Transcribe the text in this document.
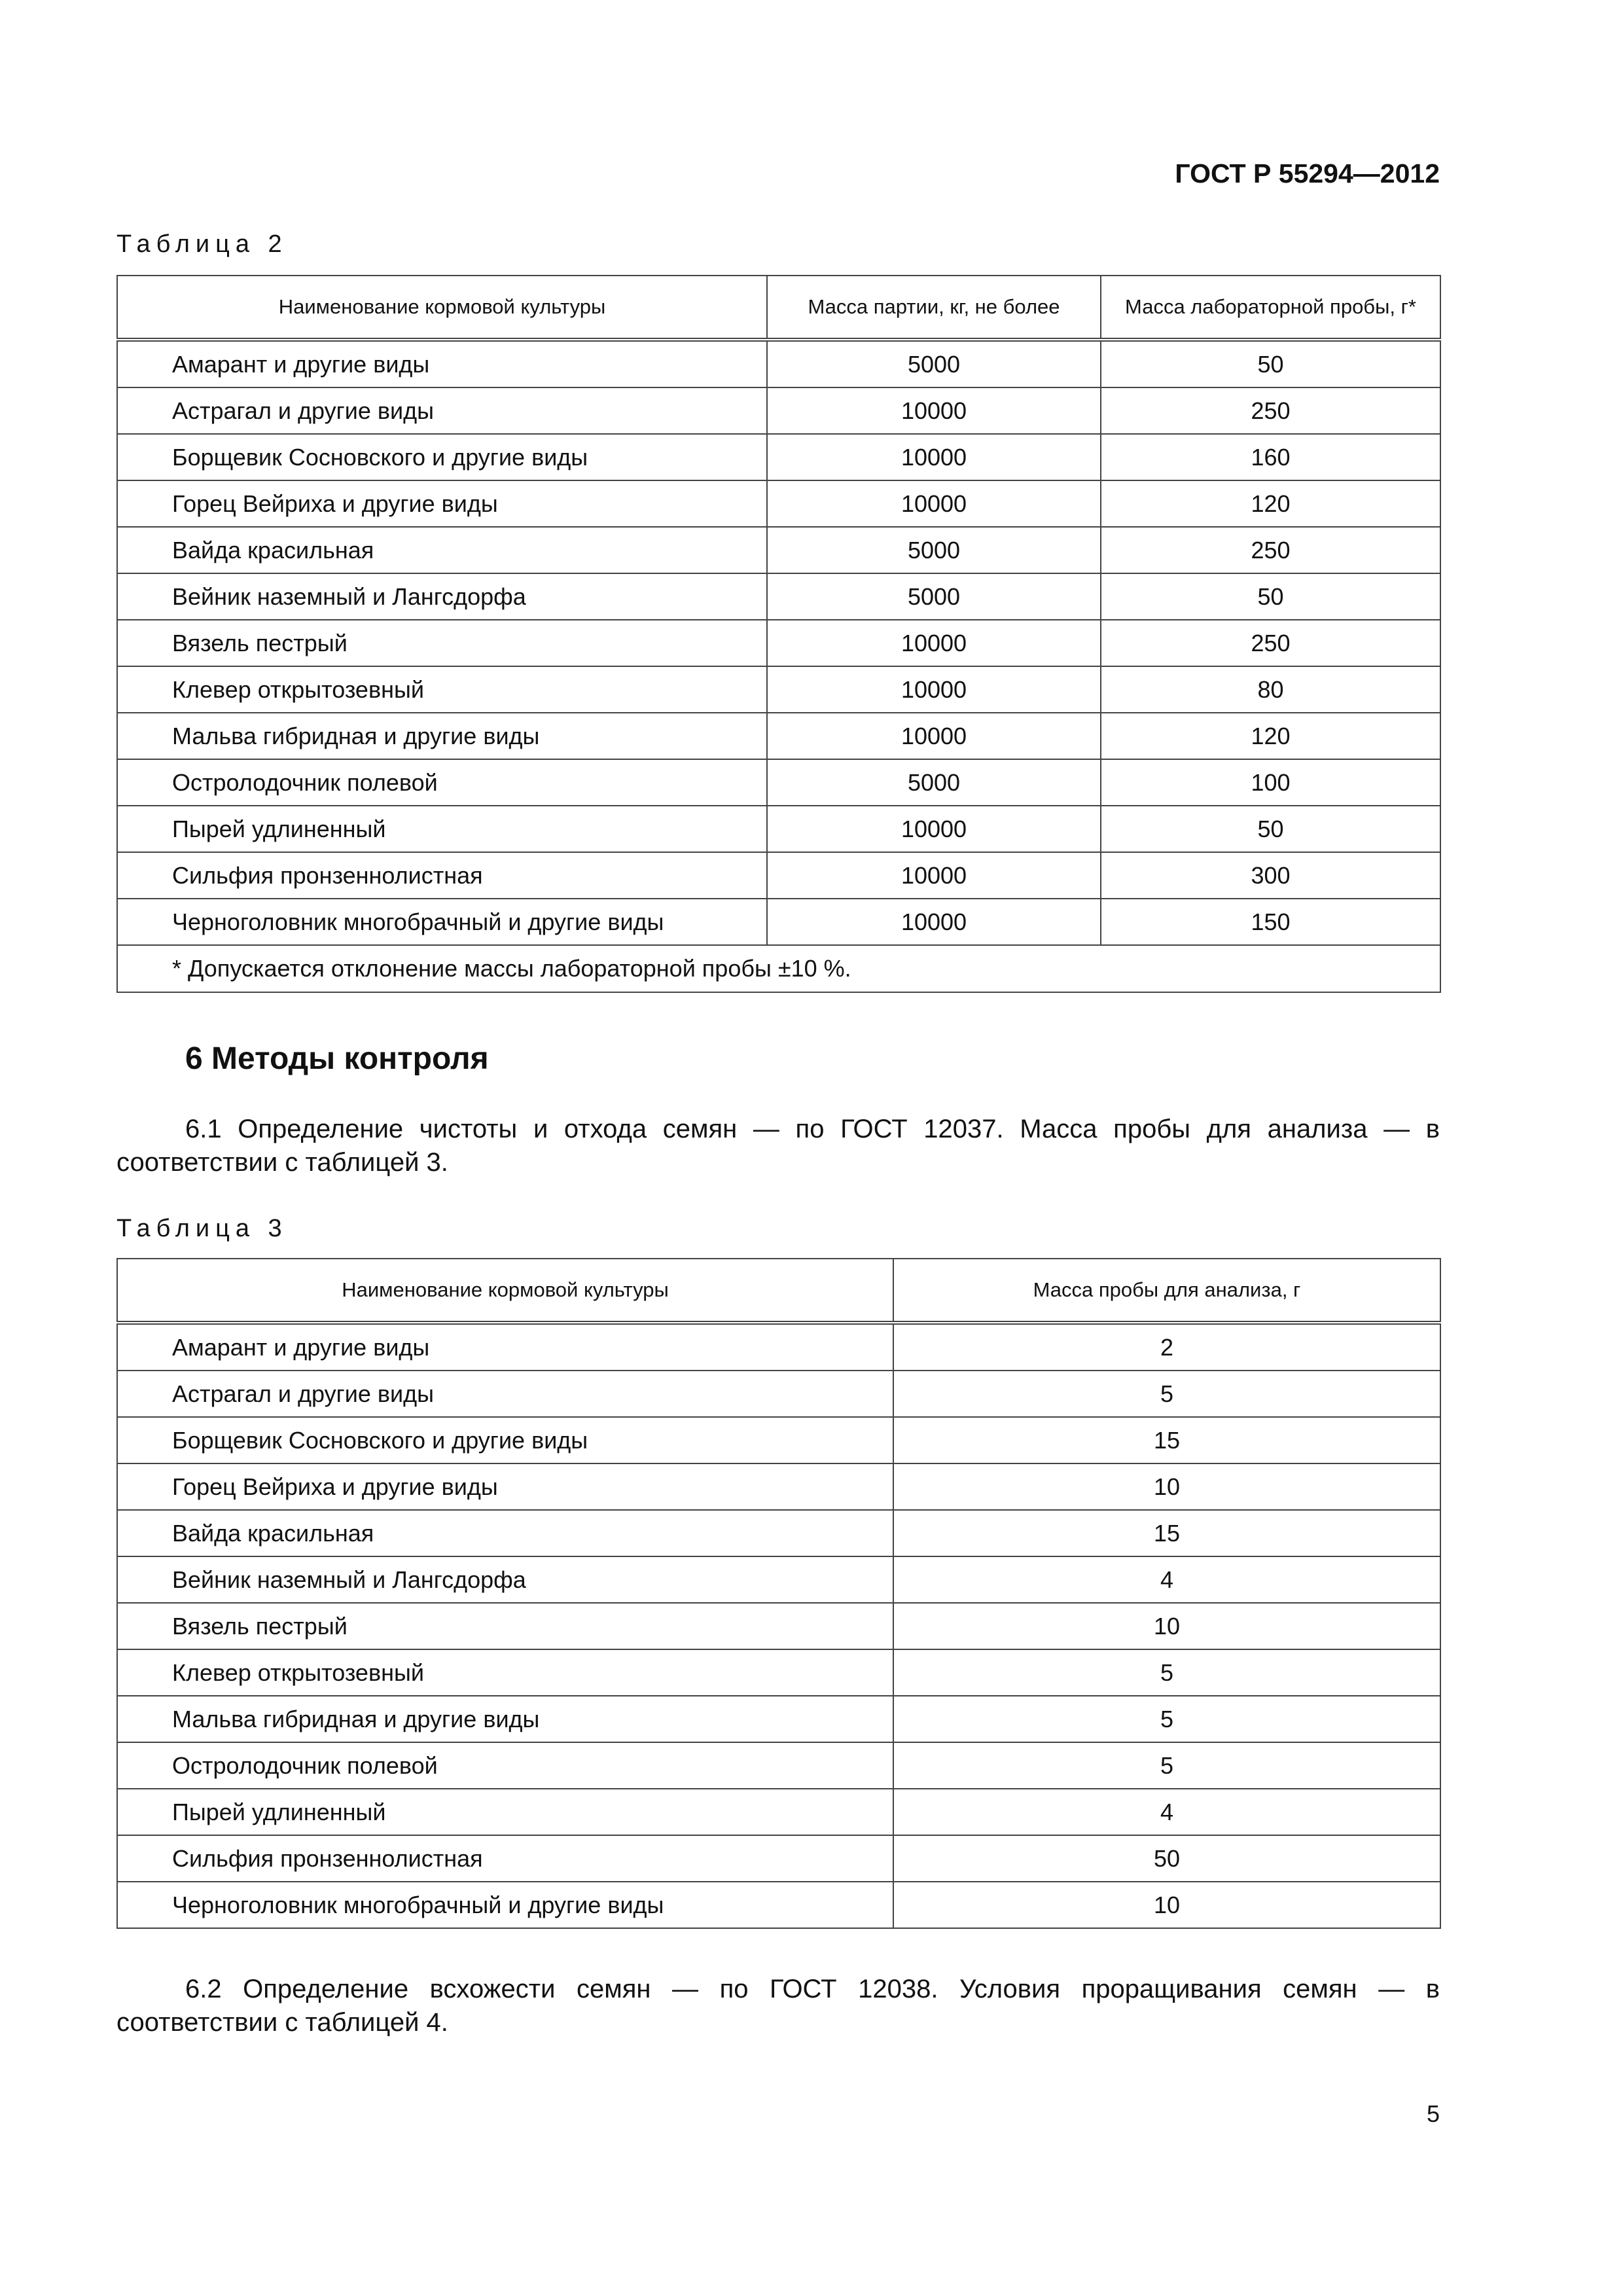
ГОСТ Р 55294—2012
Таблица 2
Наименование кормовой культуры	Масса партии, кг, не более	Масса лабораторной пробы, г*
Амарант и другие виды	5000	50
Астрагал и другие виды	10000	250
Борщевик Сосновского и другие виды	10000	160
Горец Вейриха и другие виды	10000	120
Вайда красильная	5000	250
Вейник наземный и Лангсдорфа	5000	50
Вязель пестрый	10000	250
Клевер открытозевный	10000	80
Мальва гибридная и другие виды	10000	120
Остролодочник полевой	5000	100
Пырей удлиненный	10000	50
Сильфия пронзеннолистная	10000	300
Черноголовник многобрачный и другие виды	10000	150
* Допускается отклонение массы лабораторной пробы ±10 %.		
6 Методы контроля

6.1 Определение чистоты и отхода семян — по ГОСТ 12037. Масса пробы для анализа — в соответствии с таблицей 3.

Таблица 3
Наименование кормовой культуры	Масса пробы для анализа, г
Амарант и другие виды	2
Астрагал и другие виды	5
Борщевик Сосновского и другие виды	15
Горец Вейриха и другие виды	10
Вайда красильная	15
Вейник наземный и Лангсдорфа	4
Вязель пестрый	10
Клевер открытозевный	5
Мальва гибридная и другие виды	5
Остролодочник полевой	5
Пырей удлиненный	4
Сильфия пронзеннолистная	50
Черноголовник многобрачный и другие виды	10

6.2 Определение всхожести семян — по ГОСТ 12038. Условия проращивания семян — в соответствии с таблицей 4.

5
